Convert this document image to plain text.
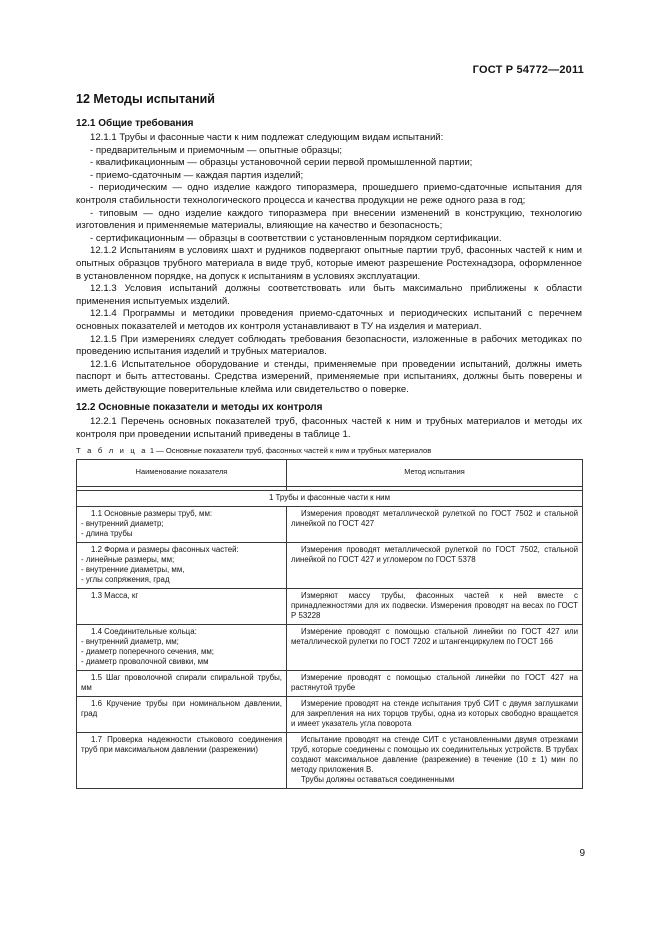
ГОСТ Р 54772—2011
12 Методы испытаний
12.1 Общие требования

12.1.1 Трубы и фасонные части к ним подлежат следующим видам испытаний:

- предварительным и приемочным — опытные образцы;

- квалификационным — образцы установочной серии первой промышленной партии;

- приемо-сдаточным — каждая партия изделий;

- периодическим — одно изделие каждого типоразмера, прошедшего приемо-сдаточные испытания для контроля стабильности технологического процесса и качества продукции не реже одного раза в год;

- типовым — одно изделие каждого типоразмера при внесении изменений в конструкцию, технологию изготовления и применяемые материалы, влияющие на качество и безопасность;

- сертификационным — образцы в соответствии с установленным порядком сертификации.

12.1.2 Испытаниям в условиях шахт и рудников подвергают опытные партии труб, фасонных частей к ним и опытных образцов трубного материала в виде труб, которые имеют разрешение Ростехнадзора, оформленное в установленном порядке, на допуск к испытаниям в условиях эксплуатации.

12.1.3 Условия испытаний должны соответствовать или быть максимально приближены к области применения испытуемых изделий.

12.1.4 Программы и методики проведения приемо-сдаточных и периодических испытаний с перечнем основных показателей и методов их контроля устанавливают в ТУ на изделия и материал.

12.1.5 При измерениях следует соблюдать требования безопасности, изложенные в рабочих методиках по проведению испытания изделий и трубных материалов.

12.1.6 Испытательное оборудование и стенды, применяемые при проведении испытаний, должны иметь паспорт и быть аттестованы. Средства измерений, применяемые при испытаниях, должны быть поверены и иметь действующие поверительные клейма или свидетельство о поверке.

12.2 Основные показатели и методы их контроля

12.2.1 Перечень основных показателей труб, фасонных частей к ним и трубных материалов и методы их контроля при проведении испытаний приведены в таблице 1.

Т а б л и ц а 1 — Основные показатели труб, фасонных частей к ним и трубных материалов
Наименование показателя	Метод испытания

1 Трубы и фасонные части к ним	

1.1 Основные размеры труб, мм:
- внутренний диаметр;
- длина трубы	Измерения проводят металлической рулеткой по ГОСТ 7502 и стальной линейкой по ГОСТ 427

1.2 Форма и размеры фасонных частей:
- линейные размеры, мм;
- внутренние диаметры, мм,
- углы сопряжения, град	Измерения проводят металлической рулеткой по ГОСТ 7502, стальной линейкой по ГОСТ 427 и угломером по ГОСТ 5378

1.3 Масса, кг	Измеряют массу трубы, фасонных частей к ней вместе с принадлежностями для их подвески. Измерения проводят на весах по ГОСТ Р 53228

1.4 Соединительные кольца:
- внутренний диаметр, мм;
- диаметр поперечного сечения, мм;
- диаметр проволочной свивки, мм	Измерение проводят с помощью стальной линейки по ГОСТ 427 или металлической рулетки по ГОСТ 7202 и штангенциркулем по ГОСТ 166

1.5 Шаг проволочной спирали спиральной трубы, мм	Измерение проводят с помощью стальной линейки по ГОСТ 427 на растянутой трубе

1.6 Кручение трубы при номинальном давлении, град	Измерение проводят на стенде испытания труб СИТ с двумя заглушками для закрепления на них торцов трубы, одна из которых свободно вращается и имеет указатель угла поворота

1.7 Проверка надежности стыкового соединения труб при максимальном давлении (разрежении)	Испытание проводят на стенде СИТ с установленными двумя отрезками труб, которые соединены с помощью их соединительных устройств. В трубах создают максимальное давление (разрежение) в течение (10 ± 1) мин по методу приложения В.
Трубы должны оставаться соединенными
9
